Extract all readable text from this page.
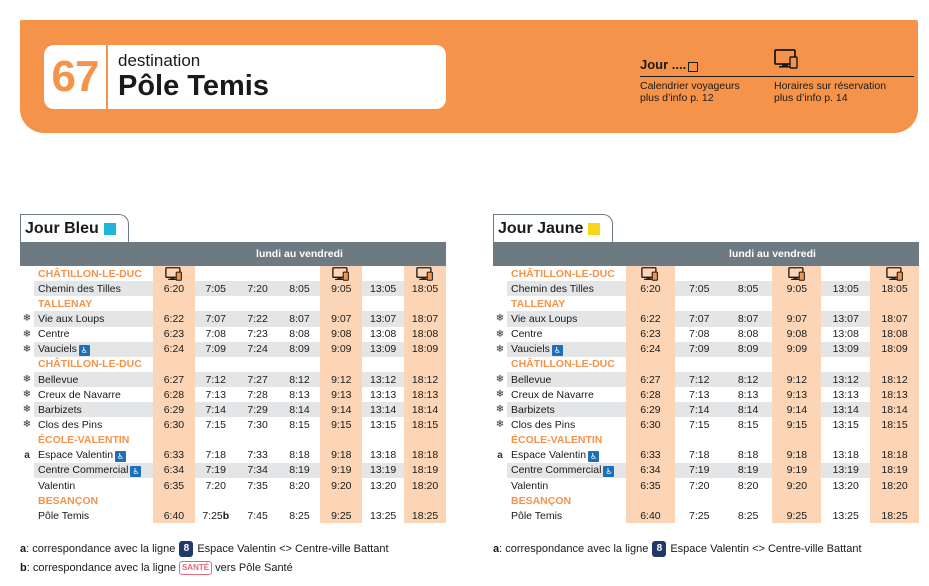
67	destination
Pôle Temis
Jour ....
Calendrier voyageurs
plus d’info p. 12
Horaires sur réservation
plus d’info p. 14
Jour Bleu
		lundi au vendredi						
	CHÂTILLON-LE-DUC	

	Chemin des Tilles	6:20	7:05	7:20	8:05	9:05	13:05	18:05
	TALLENAY							
❄	Vie aux Loups	6:22	7:07	7:22	8:07	9:07	13:07	18:07
❄	Centre	6:23	7:08	7:23	8:08	9:08	13:08	18:08
❄	Vauciels ♿	6:24	7:09	7:24	8:09	9:09	13:09	18:09
	CHÂTILLON-LE-DUC							
❄	Bellevue	6:27	7:12	7:27	8:12	9:12	13:12	18:12
❄	Creux de Navarre	6:28	7:13	7:28	8:13	9:13	13:13	18:13
❄	Barbizets	6:29	7:14	7:29	8:14	9:14	13:14	18:14
❄	Clos des Pins	6:30	7:15	7:30	8:15	9:15	13:15	18:15
	ÉCOLE-VALENTIN							
a	Espace Valentin ♿	6:33	7:18	7:33	8:18	9:18	13:18	18:18
	Centre Commercial ♿	6:34	7:19	7:34	8:19	9:19	13:19	18:19
	Valentin	6:35	7:20	7:35	8:20	9:20	13:20	18:20
	BESANÇON							
	Pôle Temis	6:40	7:25b	7:45	8:25	9:25	13:25	18:25
Jour Jaune
		lundi au vendredi					
	CHÂTILLON-LE-DUC	

	Chemin des Tilles	6:20	7:05	8:05	9:05	13:05	18:05
	TALLENAY						
❄	Vie aux Loups	6:22	7:07	8:07	9:07	13:07	18:07
❄	Centre	6:23	7:08	8:08	9:08	13:08	18:08
❄	Vauciels ♿	6:24	7:09	8:09	9:09	13:09	18:09
	CHÂTILLON-LE-DUC						
❄	Bellevue	6:27	7:12	8:12	9:12	13:12	18:12
❄	Creux de Navarre	6:28	7:13	8:13	9:13	13:13	18:13
❄	Barbizets	6:29	7:14	8:14	9:14	13:14	18:14
❄	Clos des Pins	6:30	7:15	8:15	9:15	13:15	18:15
	ÉCOLE-VALENTIN						
a	Espace Valentin ♿	6:33	7:18	8:18	9:18	13:18	18:18
	Centre Commercial ♿	6:34	7:19	8:19	9:19	13:19	18:19
	Valentin	6:35	7:20	8:20	9:20	13:20	18:20
	BESANÇON						
	Pôle Temis	6:40	7:25	8:25	9:25	13:25	18:25
a : correspondance avec la ligne 8 Espace Valentin <> Centre-ville Battant
b : correspondance avec la ligne SANTÉ vers Pôle Santé
a : correspondance avec la ligne 8 Espace Valentin <> Centre-ville Battant
